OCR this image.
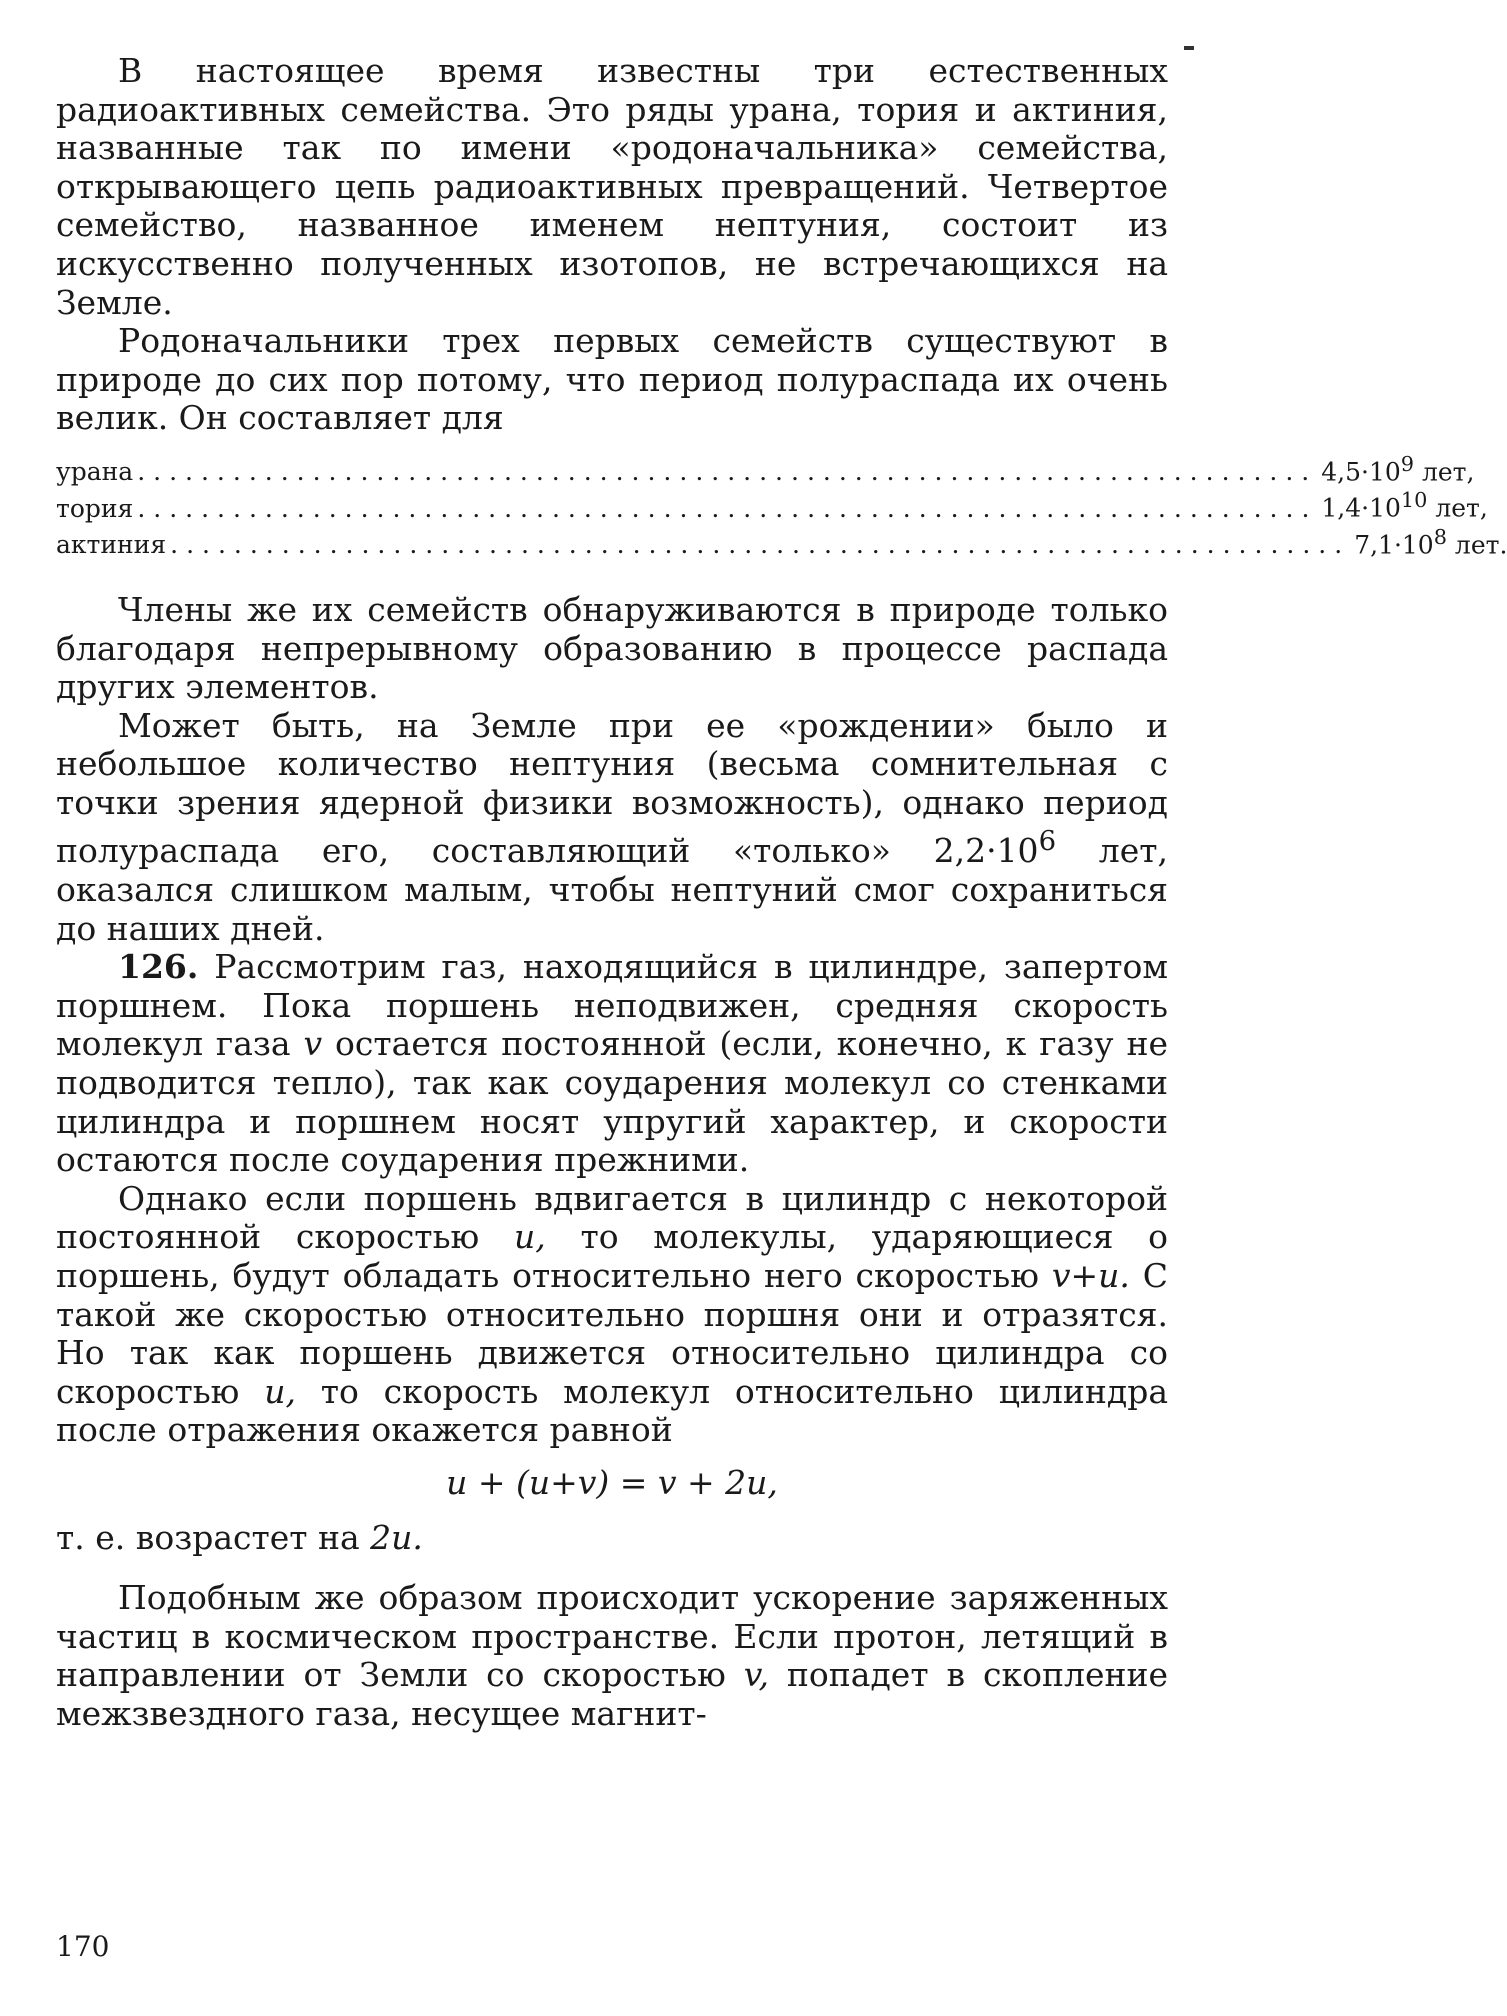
В настоящее время известны три естественных радиоактивных семейства. Это ряды урана, тория и актиния, названные так по имени «родоначальника» семейства, открывающего цепь радиоактивных превращений. Четвертое семейство, названное именем нептуния, состоит из искусственно полученных изотопов, не встречающихся на Земле.

Родоначальники трех первых семейств существуют в природе до сих пор потому, что период полураспада их очень велик. Он составляет для

урана .......................................................................... $4,5\cdot 10^9$ лет,
тория .......................................................................... $1,4\cdot 10^{10}$ лет,
актиния .......................................................................... $7,1\cdot 10^8$ лет.

Члены же их семейств обнаруживаются в природе только благодаря непрерывному образованию в процессе распада других элементов.

Может быть, на Земле при ее «рождении» было и небольшое количество нептуния (весьма сомнительная с точки зрения ядерной физики возможность), однако период полураспада его, составляющий «только» $2,2\cdot 10^6$ лет, оказался слишком малым, чтобы нептуний смог сохраниться до наших дней.

126. Рассмотрим газ, находящийся в цилиндре, запертом поршнем. Пока поршень неподвижен, средняя скорость молекул газа v остается постоянной (если, конечно, к газу не подводится тепло), так как соударения молекул со стенками цилиндра и поршнем носят упругий характер, и скорости остаются после соударения прежними.

Однако если поршень вдвигается в цилиндр с некоторой постоянной скоростью u, то молекулы, ударяющиеся о поршень, будут обладать относительно него скоростью v+u. С такой же скоростью относительно поршня они и отразятся. Но так как поршень движется относительно цилиндра со скоростью u, то скорость молекул относительно цилиндра после отражения окажется равной

u + (u+v) = v + 2u,

т. е. возрастет на 2u.

Подобным же образом происходит ускорение заряженных частиц в космическом пространстве. Если протон, летящий в направлении от Земли со скоростью v, попадет в скопление межзвездного газа, несущее магнит-

170
